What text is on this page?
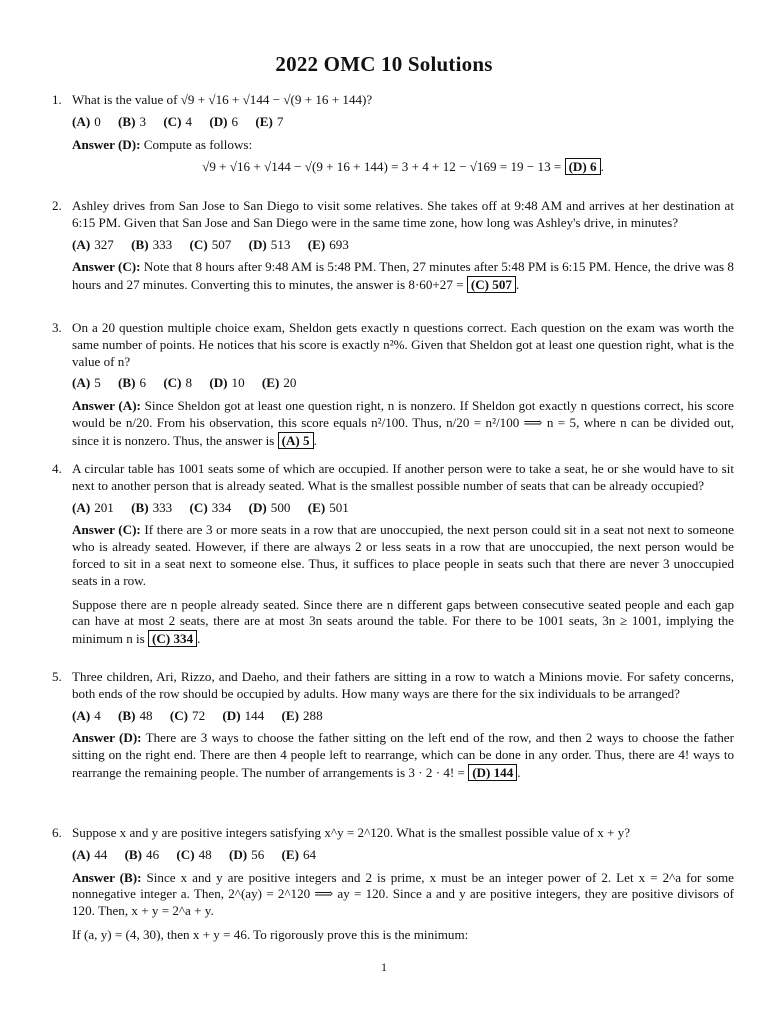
2022 OMC 10 Solutions
1. What is the value of √9 + √16 + √144 − √(9 + 16 + 144)?
(A) 0 (B) 3 (C) 4 (D) 6 (E) 7
Answer (D): Compute as follows:
√9 + √16 + √144 − √(9 + 16 + 144) = 3 + 4 + 12 − √169 = 19 − 13 = (D) 6 .
2. Ashley drives from San Jose to San Diego to visit some relatives. She takes off at 9:48 AM and arrives at her destination at 6:15 PM. Given that San Jose and San Diego were in the same time zone, how long was Ashley's drive, in minutes?
(A) 327 (B) 333 (C) 507 (D) 513 (E) 693
Answer (C): Note that 8 hours after 9:48 AM is 5:48 PM. Then, 27 minutes after 5:48 PM is 6:15 PM. Hence, the drive was 8 hours and 27 minutes. Converting this to minutes, the answer is 8·60+27 = (C) 507 .
3. On a 20 question multiple choice exam, Sheldon gets exactly n questions correct. Each question on the exam was worth the same number of points. He notices that his score is exactly n²%. Given that Sheldon got at least one question right, what is the value of n?
(A) 5 (B) 6 (C) 8 (D) 10 (E) 20
Answer (A): Since Sheldon got at least one question right, n is nonzero. If Sheldon got exactly n questions correct, his score would be n/20. From his observation, this score equals n²/100. Thus, n/20 = n²/100 ⟹ n = 5, where n can be divided out, since it is nonzero. Thus, the answer is (A) 5 .
4. A circular table has 1001 seats some of which are occupied. If another person were to take a seat, he or she would have to sit next to another person that is already seated. What is the smallest possible number of seats that can be already occupied?
(A) 201 (B) 333 (C) 334 (D) 500 (E) 501
Answer (C): If there are 3 or more seats in a row that are unoccupied, the next person could sit in a seat not next to someone who is already seated. However, if there are always 2 or less seats in a row that are unoccupied, the next person would be forced to sit in a seat next to someone else. Thus, it suffices to place people in seats such that there are never 3 unoccupied seats in a row.
Suppose there are n people already seated. Since there are n different gaps between consecutive seated people and each gap can have at most 2 seats, there are at most 3n seats around the table. For there to be 1001 seats, 3n ≥ 1001, implying the minimum n is (C) 334 .
5. Three children, Ari, Rizzo, and Daeho, and their fathers are sitting in a row to watch a Minions movie. For safety concerns, both ends of the row should be occupied by adults. How many ways are there for the six individuals to be arranged?
(A) 4 (B) 48 (C) 72 (D) 144 (E) 288
Answer (D): There are 3 ways to choose the father sitting on the left end of the row, and then 2 ways to choose the father sitting on the right end. There are then 4 people left to rearrange, which can be done in any order. Thus, there are 4! ways to rearrange the remaining people. The number of arrangements is 3 · 2 · 4! = (D) 144 .
6. Suppose x and y are positive integers satisfying x^y = 2^120. What is the smallest possible value of x + y?
(A) 44 (B) 46 (C) 48 (D) 56 (E) 64
Answer (B): Since x and y are positive integers and 2 is prime, x must be an integer power of 2. Let x = 2^a for some nonnegative integer a. Then, 2^(ay) = 2^120 ⟹ ay = 120. Since a and y are positive integers, they are positive divisors of 120. Then, x + y = 2^a + y.
If (a, y) = (4, 30), then x + y = 46. To rigorously prove this is the minimum:
1
